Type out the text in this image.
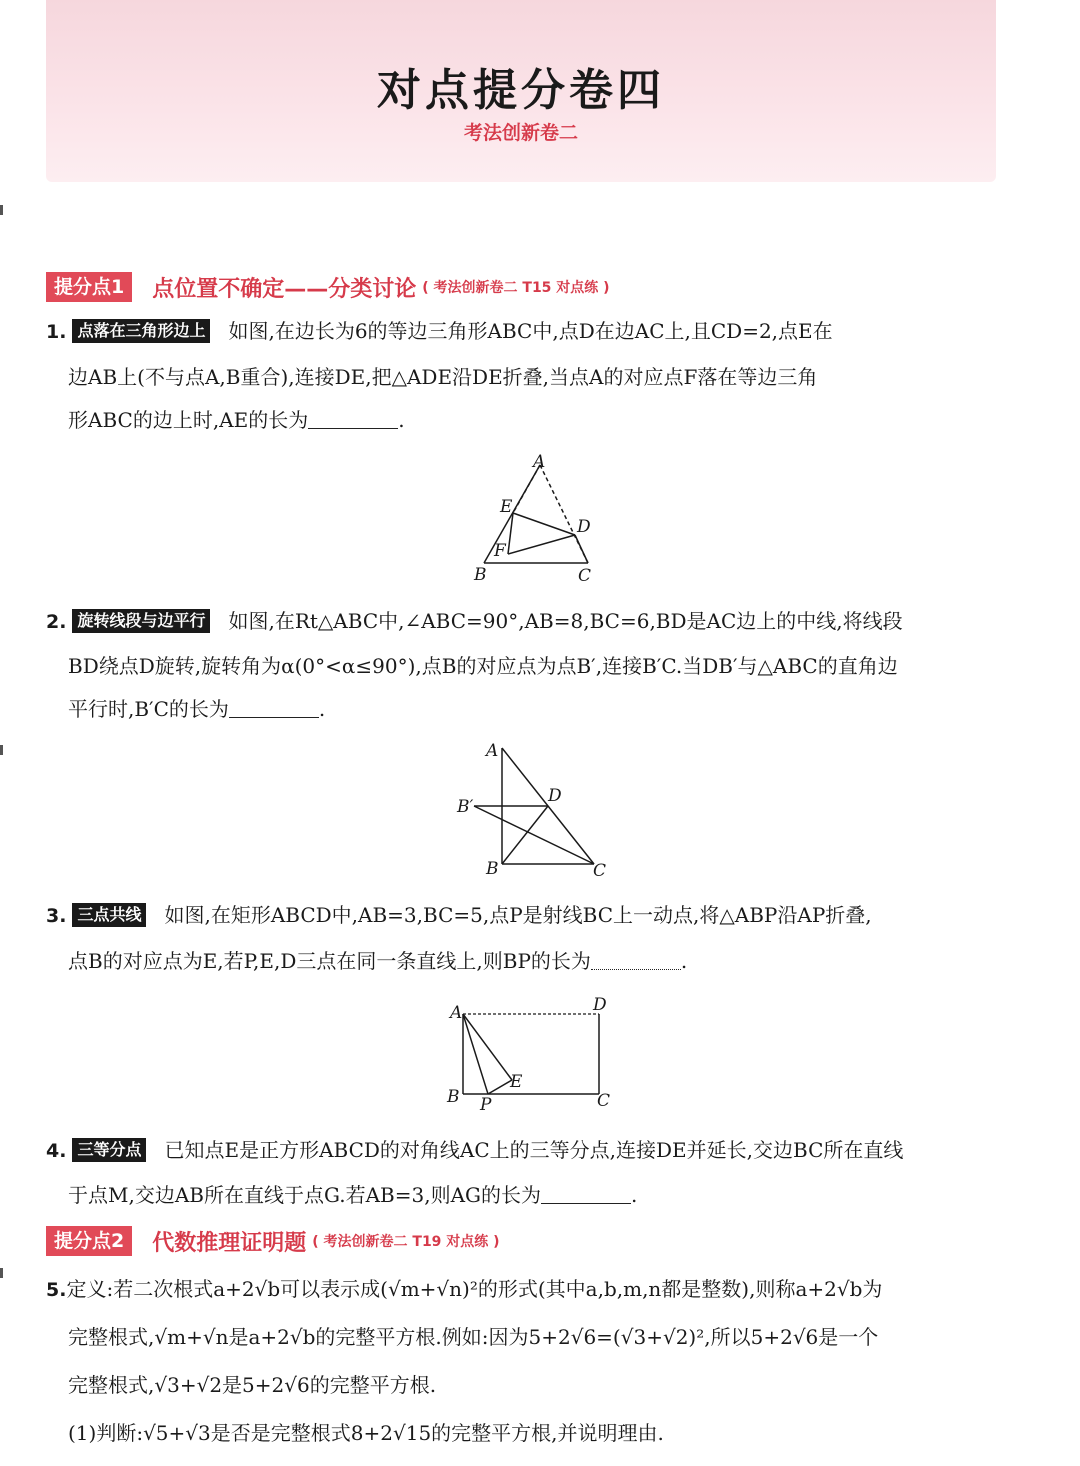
对点提分卷四
考法创新卷二
提分点1	点位置不确定——分类讨论 ( 考法创新卷二 T15 对点练 )
1. 点落在三角形边上 如图,在边长为6的等边三角形ABC中,点D在边AC上,且CD=2,点E在
边AB上(不与点A,B重合),连接DE,把△ADE沿DE折叠,当点A的对应点F落在等边三角
形ABC的边上时,AE的长为	.
A
B	C
D
E
F
2. 旋转线段与边平行 如图,在Rt△ABC中,∠ABC=90°,AB=8,BC=6,BD是AC边上的中线,将线段
BD绕点D旋转,旋转角为α(0°<α≤90°),点B的对应点为点B′,连接B′C.当DB′与△ABC的直角边
平行时,B′C的长为	.
A
B	C
D
B′
3. 三点共线 如图,在矩形ABCD中,AB=3,BC=5,点P是射线BC上一动点,将△ABP沿AP折叠,
点B的对应点为E,若P,E,D三点在同一条直线上,则BP的长为	.
A	D
B	C
E
P
4. 三等分点 已知点E是正方形ABCD的对角线AC上的三等分点,连接DE并延长,交边BC所在直线
于点M,交边AB所在直线于点G.若AB=3,则AG的长为	.
提分点2	代数推理证明题 ( 考法创新卷二 T19 对点练 )
5.定义:若二次根式a+2√b可以表示成(√m+√n)²的形式(其中a,b,m,n都是整数),则称a+2√b为
完整根式,√m+√n是a+2√b的完整平方根.例如:因为5+2√6=(√3+√2)²,所以5+2√6是一个
完整根式,√3+√2是5+2√6的完整平方根.
(1)判断:√5+√3是否是完整根式8+2√15的完整平方根,并说明理由.
